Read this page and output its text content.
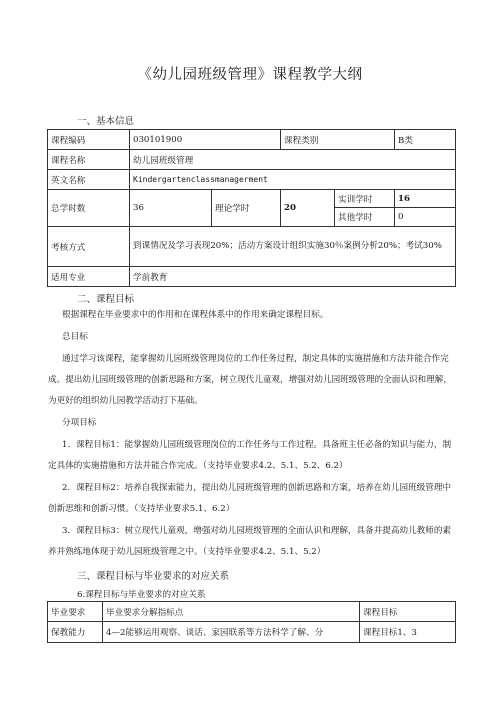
《幼儿园班级管理》课程教学大纲
一、基本信息
课程编码	030101900		课程类别		B类
课程名称	幼儿园班级管理				
英文名称	Kindergartenclassmanagerment				
总学时数	36	理论学时	20	实训学时	16
				其他学时	0
考核方式	到课情况及学习表现20%；活动方案设计组织实施30％案例分析20%；考试30%				
适用专业	学前教育				
二、课程目标
根据课程在毕业要求中的作用和在课程体系中的作用来确定课程目标。
总目标
通过学习该课程，能掌握幼儿园班级管理岗位的工作任务过程，制定具体的实施措施和方法并能合作完成。提出幼儿园班级管理的创新思路和方案，树立现代儿童观，增强对幼儿园班级管理的全面认识和理解，为更好的组织幼儿园教学活动打下基础。
分项目标
1．课程目标1：能掌握幼儿园班级管理岗位的工作任务与工作过程。具备班主任必备的知识与能力，制定具体的实施措施和方法并能合作完成。（支持毕业要求4.2、5.1、5.2、6.2）
2．课程目标2：培养自我探索能力，提出幼儿园班级管理的创新思路和方案，培养在幼儿园班级管理中创新思维和创新习惯。（支持毕业要求5.1、6.2）
3．课程目标3：树立现代儿童观，增强对幼儿园班级管理的全面认识和理解，具备并提高幼儿教师的素养并熟练地体现于幼儿园班级管理之中。（支持毕业要求4.2、5.1、5.2）
三、课程目标与毕业要求的对应关系
6.课程目标与毕业要求的对应关系
毕业要求	毕业要求分解指标点	课程目标
保教能力	4—2能够运用观察、谈话、家园联系等方法科学了解、分	课程目标1、3
